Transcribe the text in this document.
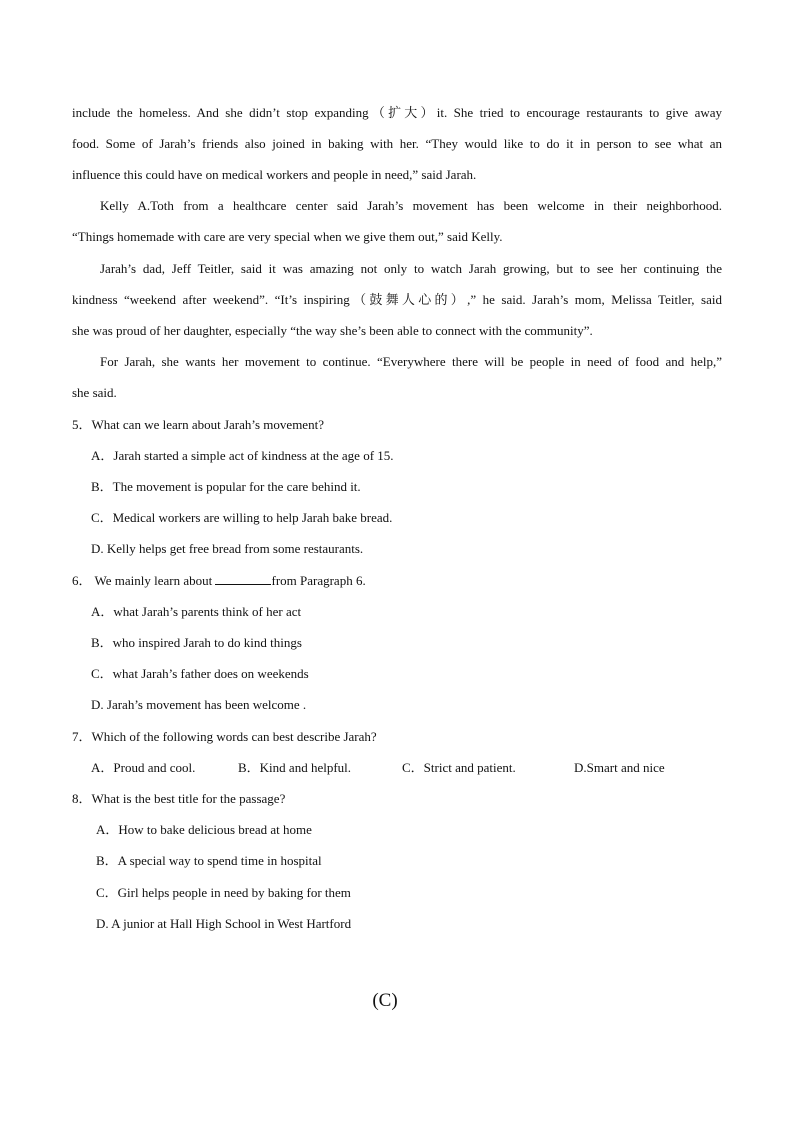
include the homeless. And she didn’t stop expanding（扩大）it. She tried to encourage restaurants to give away
food. Some of Jarah’s friends also joined in baking with her. “They would like to do it in person to see what an
influence this could have on medical workers and people in need,” said Jarah.
Kelly A.Toth from a healthcare center said Jarah’s movement has been welcome in their neighborhood.
“Things homemade with care are very special when we give them out,” said Kelly.
Jarah’s dad, Jeff Teitler, said it was amazing not only to watch Jarah growing, but to see her continuing the
kindness “weekend after weekend”. “It’s inspiring（鼓舞人心的）,” he said. Jarah’s mom, Melissa Teitler, said
she was proud of her daughter, especially “the way she’s been able to connect with the community”.
For Jarah, she wants her movement to continue. “Everywhere there will be people in need of food and help,”
she said.
5．What can we learn about Jarah’s movement?
A．Jarah started a simple act of kindness at the age of 15.
B．The movement is popular for the care behind it.
C．Medical workers are willing to help Jarah bake bread.
D. Kelly helps get free bread from some restaurants.
6． We mainly learn about	from Paragraph 6.
A．what Jarah’s parents think of her act
B．who inspired Jarah to do kind things
C．what Jarah’s father does on weekends
D. Jarah’s movement has been welcome .
7．Which of the following words can best describe Jarah?
A．Proud and cool.	B．Kind and helpful.	C．Strict and patient.	D.Smart and nice
8．What is the best title for the passage?
A．How to bake delicious bread at home
B．A special way to spend time in hospital
C．Girl helps people in need by baking for them
D. A junior at Hall High School in West Hartford
(C)
